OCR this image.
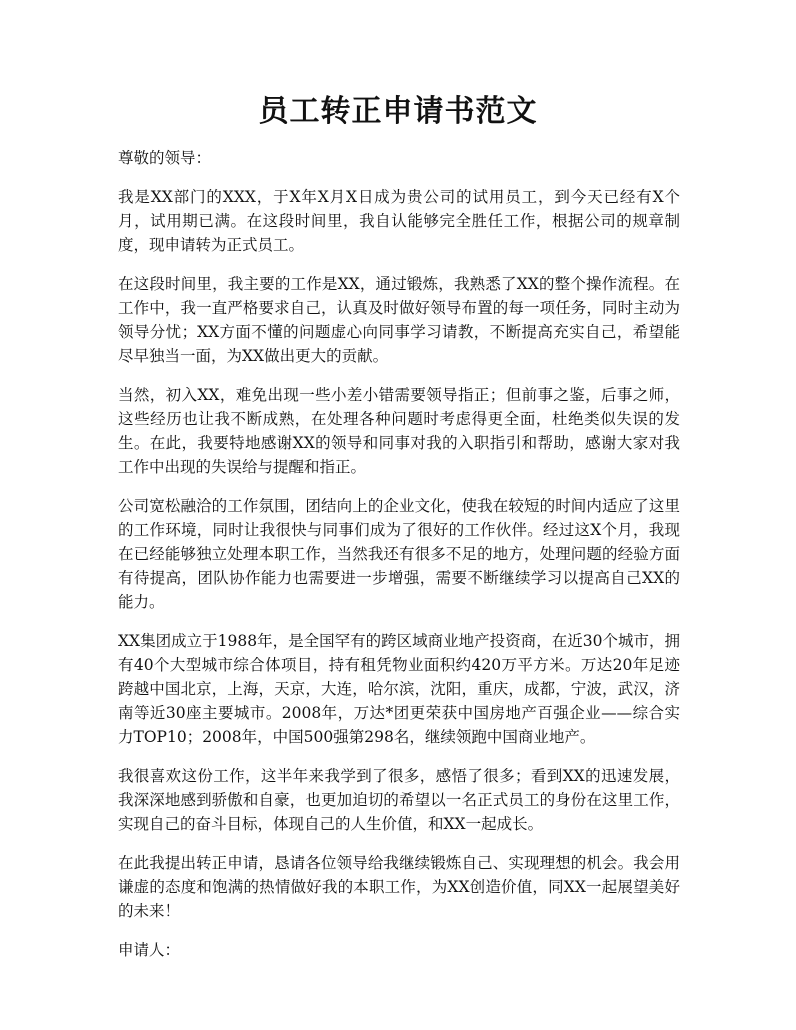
员工转正申请书范文

尊敬的领导：

我是XX部门的XXX，于X年X月X日成为贵公司的试用员工，到今天已经有X个月，试用期已满。在这段时间里，我自认能够完全胜任工作，根据公司的规章制度，现申请转为正式员工。

在这段时间里，我主要的工作是XX，通过锻炼，我熟悉了XX的整个操作流程。在工作中，我一直严格要求自己，认真及时做好领导布置的每一项任务，同时主动为领导分忧；XX方面不懂的问题虚心向同事学习请教，不断提高充实自己，希望能尽早独当一面，为XX做出更大的贡献。

当然，初入XX，难免出现一些小差小错需要领导指正；但前事之鉴，后事之师，这些经历也让我不断成熟，在处理各种问题时考虑得更全面，杜绝类似失误的发生。在此，我要特地感谢XX的领导和同事对我的入职指引和帮助，感谢大家对我工作中出现的失误给与提醒和指正。

公司宽松融洽的工作氛围，团结向上的企业文化，使我在较短的时间内适应了这里的工作环境，同时让我很快与同事们成为了很好的工作伙伴。经过这X个月，我现在已经能够独立处理本职工作，当然我还有很多不足的地方，处理问题的经验方面有待提高，团队协作能力也需要进一步增强，需要不断继续学习以提高自己XX的能力。

XX集团成立于1988年，是全国罕有的跨区域商业地产投资商，在近30个城市，拥有40个大型城市综合体项目，持有租凭物业面积约420万平方米。万达20年足迹跨越中国北京，上海，天京，大连，哈尔滨，沈阳，重庆，成都，宁波，武汉，济南等近30座主要城市。2008年，万达*团更荣获中国房地产百强企业——综合实力TOP10；2008年，中国500强第298名，继续领跑中国商业地产。

我很喜欢这份工作，这半年来我学到了很多，感悟了很多；看到XX的迅速发展，我深深地感到骄傲和自豪，也更加迫切的希望以一名正式员工的身份在这里工作，实现自己的奋斗目标，体现自己的人生价值，和XX一起成长。

在此我提出转正申请，恳请各位领导给我继续锻炼自己、实现理想的机会。我会用谦虚的态度和饱满的热情做好我的本职工作，为XX创造价值，同XX一起展望美好的未来！

申请人：
